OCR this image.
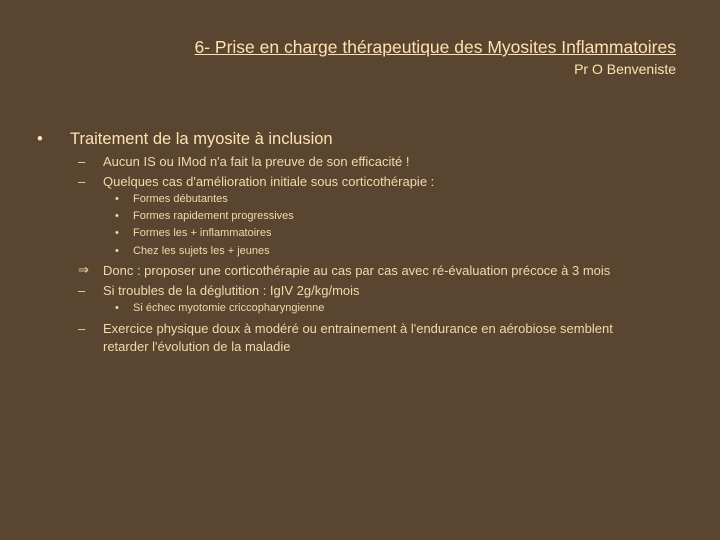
6- Prise en charge thérapeutique des Myosites Inflammatoires
Pr O Benveniste
• Traitement de la myosite à inclusion
– Aucun IS ou IMod n'a fait la preuve de son efficacité !
– Quelques cas d'amélioration initiale sous corticothérapie :
• Formes débutantes
• Formes rapidement progressives
• Formes les + inflammatoires
• Chez les sujets les + jeunes
⇒ Donc : proposer une corticothérapie au cas par cas avec ré-évaluation précoce à 3 mois
– Si troubles de la déglutition : IgIV 2g/kg/mois
• Si échec myotomie criccopharyngienne
– Exercice physique doux à modéré ou entrainement à l'endurance en aérobiose semblent
retarder l'évolution de la maladie
